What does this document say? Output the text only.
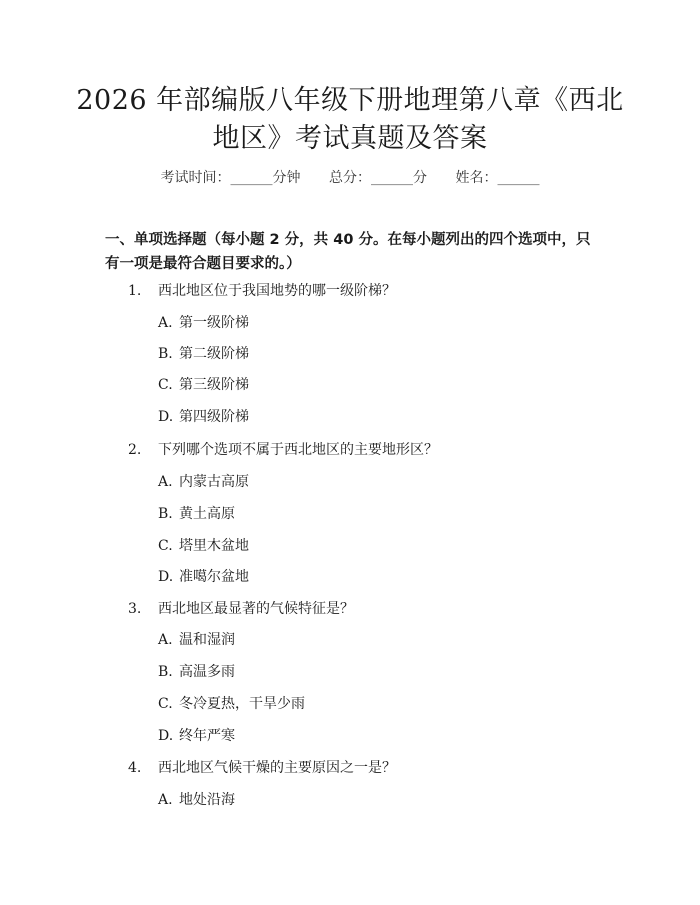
2026 年部编版八年级下册地理第八章《西北
地区》考试真题及答案
考试时间：______分钟 总分：______分 姓名：______

一、单项选择题（每小题 2 分，共 40 分。在每小题列出的四个选项中，只有一项是最符合题目要求的。）

1. 西北地区位于我国地势的哪一级阶梯？
A. 第一级阶梯
B. 第二级阶梯
C. 第三级阶梯
D. 第四级阶梯
2. 下列哪个选项不属于西北地区的主要地形区？
A. 内蒙古高原
B. 黄土高原
C. 塔里木盆地
D. 准噶尔盆地
3. 西北地区最显著的气候特征是？
A. 温和湿润
B. 高温多雨
C. 冬冷夏热，干旱少雨
D. 终年严寒
4. 西北地区气候干燥的主要原因之一是？
A. 地处沿海
